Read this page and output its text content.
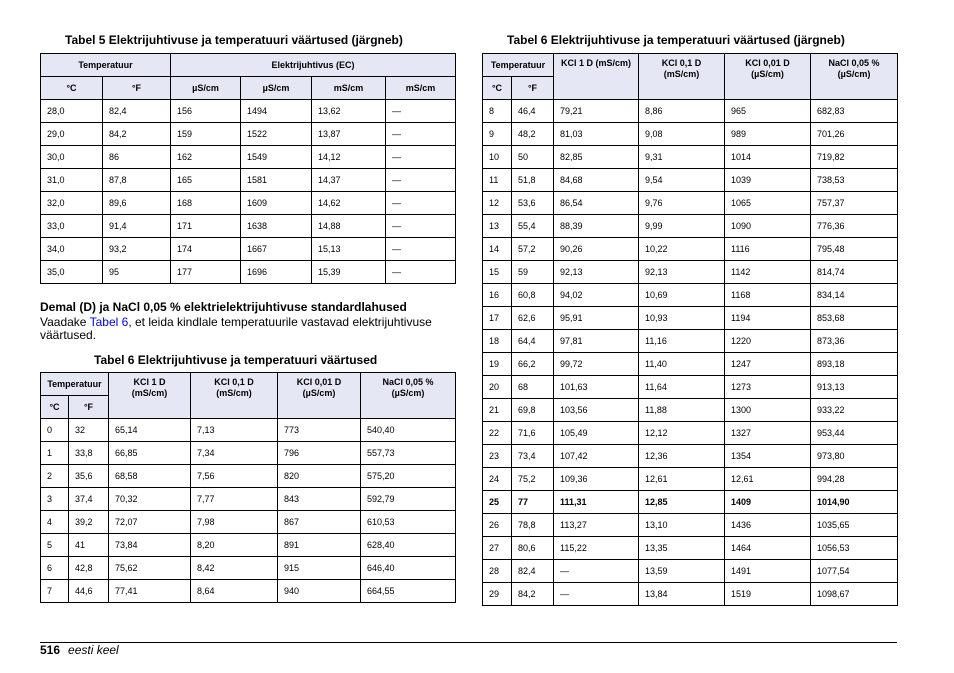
Tabel 5 Elektrijuhtivuse ja temperatuuri väärtused (järgneb)
Temperatuur		Elektrijuhtivus (EC)			
°C	°F	µS/cm	µS/cm	mS/cm	mS/cm
28,0	82,4	156	1494	13,62	—
29,0	84,2	159	1522	13,87	—
30,0	86	162	1549	14,12	—
31,0	87,8	165	1581	14,37	—
32,0	89,6	168	1609	14,62	—
33,0	91,4	171	1638	14,88	—
34,0	93,2	174	1667	15,13	—
35,0	95	177	1696	15,39	—
Demal (D) ja NaCl 0,05 % elektrielektrijuhtivuse standardlahused
Vaadake Tabel 6, et leida kindlale temperatuurile vastavad elektrijuhtivuse väärtused.
Tabel 6 Elektrijuhtivuse ja temperatuuri väärtused
Temperatuur		KCl 1 D (mS/cm)	KCl 0,1 D (mS/cm)	KCl 0,01 D (µS/cm)	NaCl 0,05 % (µS/cm)
°C	°F				
0	32	65,14	7,13	773	540,40
1	33,8	66,85	7,34	796	557,73
2	35,6	68,58	7,56	820	575,20
3	37,4	70,32	7,77	843	592,79
4	39,2	72,07	7,98	867	610,53
5	41	73,84	8,20	891	628,40
6	42,8	75,62	8,42	915	646,40
7	44,6	77,41	8,64	940	664,55
Tabel 6 Elektrijuhtivuse ja temperatuuri väärtused (järgneb)
Temperatuur		KCl 1 D (mS/cm)	KCl 0,1 D (mS/cm)	KCl 0,01 D (µS/cm)	NaCl 0,05 % (µS/cm)
°C	°F				
8	46,4	79,21	8,86	965	682,83
9	48,2	81,03	9,08	989	701,26
10	50	82,85	9,31	1014	719,82
11	51,8	84,68	9,54	1039	738,53
12	53,6	86,54	9,76	1065	757,37
13	55,4	88,39	9,99	1090	776,36
14	57,2	90,26	10,22	1116	795,48
15	59	92,13	92,13	1142	814,74
16	60,8	94,02	10,69	1168	834,14
17	62,6	95,91	10,93	1194	853,68
18	64,4	97,81	11,16	1220	873,36
19	66,2	99,72	11,40	1247	893,18
20	68	101,63	11,64	1273	913,13
21	69,8	103,56	11,88	1300	933,22
22	71,6	105,49	12,12	1327	953,44
23	73,4	107,42	12,36	1354	973,80
24	75,2	109,36	12,61	12,61	994,28
25	77	111,31	12,85	1409	1014,90
26	78,8	113,27	13,10	1436	1035,65
27	80,6	115,22	13,35	1464	1056,53
28	82,4	—	13,59	1491	1077,54
29	84,2	—	13,84	1519	1098,67
516 eesti keel
